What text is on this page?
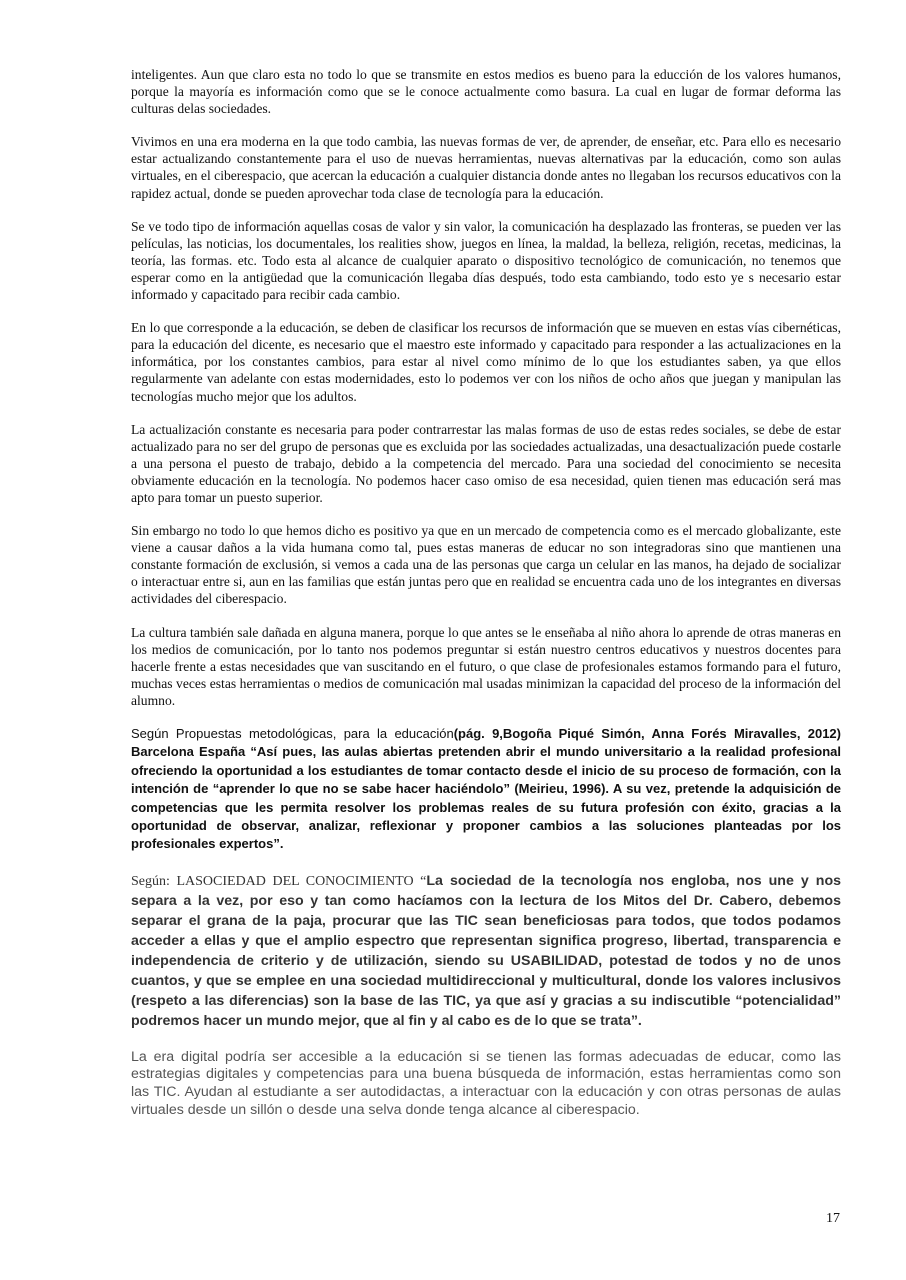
inteligentes. Aun que claro esta no todo lo que se transmite en estos medios es bueno para la educción de los valores humanos, porque la mayoría es información como que se le conoce actualmente como basura. La cual en lugar de formar deforma las culturas delas sociedades.

Vivimos en una era moderna en la que todo cambia, las nuevas formas de ver, de aprender, de enseñar, etc. Para ello es necesario estar actualizando constantemente para el uso de nuevas herramientas, nuevas alternativas par la educación, como son aulas virtuales, en el ciberespacio, que acercan la educación a cualquier distancia donde antes no llegaban los recursos educativos con la rapidez actual, donde se pueden aprovechar toda clase de tecnología para la educación.

Se ve todo tipo de información aquellas cosas de valor y sin valor, la comunicación ha desplazado las fronteras, se pueden ver las películas, las noticias, los documentales, los realities show, juegos en línea, la maldad, la belleza, religión, recetas, medicinas, la teoría, las formas. etc. Todo esta al alcance de cualquier aparato o dispositivo tecnológico de comunicación, no tenemos que esperar como en la antigüedad que la comunicación llegaba días después, todo esta cambiando, todo esto ye s necesario estar informado y capacitado para recibir cada cambio.

En lo que corresponde a la educación, se deben de clasificar los recursos de información que se mueven en estas vías cibernéticas, para la educación del dicente, es necesario que el maestro este informado y capacitado para responder a las actualizaciones en la informática, por los constantes cambios, para estar al nivel como mínimo de lo que los estudiantes saben, ya que ellos regularmente van adelante con estas modernidades, esto lo podemos ver con los niños de ocho años que juegan y manipulan las tecnologías mucho mejor que los adultos.

La actualización constante es necesaria para poder contrarrestar las malas formas de uso de estas redes sociales, se debe de estar actualizado para no ser del grupo de personas que es excluida por las sociedades actualizadas, una desactualización puede costarle a una persona el puesto de trabajo, debido a la competencia del mercado. Para una sociedad del conocimiento se necesita obviamente educación en la tecnología. No podemos hacer caso omiso de esa necesidad, quien tienen mas educación será mas apto para tomar un puesto superior.

Sin embargo no todo lo que hemos dicho es positivo ya que en un mercado de competencia como es el mercado globalizante, este viene a causar daños a la vida humana como tal, pues estas maneras de educar no son integradoras sino que mantienen una constante formación de exclusión, si vemos a cada una de las personas que carga un celular en las manos, ha dejado de socializar o interactuar entre si, aun en las familias que están juntas pero que en realidad se encuentra cada uno de los integrantes en diversas actividades del ciberespacio.

La cultura también sale dañada en alguna manera, porque lo que antes se le enseñaba al niño ahora lo aprende de otras maneras en los medios de comunicación, por lo tanto nos podemos preguntar si están nuestro centros educativos y nuestros docentes para hacerle frente a estas necesidades que van suscitando en el futuro, o que clase de profesionales estamos formando para el futuro, muchas veces estas herramientas o medios de comunicación mal usadas minimizan la capacidad del proceso de la información del alumno.

Según Propuestas metodológicas, para la educación(pág. 9,Bogoña Piqué Simón, Anna Forés Miravalles, 2012) Barcelona España “Así pues, las aulas abiertas pretenden abrir el mundo universitario a la realidad profesional ofreciendo la oportunidad a los estudiantes de tomar contacto desde el inicio de su proceso de formación, con la intención de “aprender lo que no se sabe hacer haciéndolo” (Meirieu, 1996). A su vez, pretende la adquisición de competencias que les permita resolver los problemas reales de su futura profesión con éxito, gracias a la oportunidad de observar, analizar, reflexionar y proponer cambios a las soluciones planteadas por los profesionales expertos”.

Según: LASOCIEDAD DEL CONOCIMIENTO “La sociedad de la tecnología nos engloba, nos une y nos separa a la vez, por eso y tan como hacíamos con la lectura de los Mitos del Dr. Cabero, debemos separar el grana de la paja, procurar que las TIC sean beneficiosas para todos, que todos podamos acceder a ellas y que el amplio espectro que representan significa progreso, libertad, transparencia e independencia de criterio y de utilización, siendo su USABILIDAD, potestad de todos y no de unos cuantos, y que se emplee en una sociedad multidireccional y multicultural, donde los valores inclusivos (respeto a las diferencias) son la base de las TIC, ya que así y gracias a su indiscutible “potencialidad” podremos hacer un mundo mejor, que al fin y al cabo es de lo que se trata”.

La era digital podría ser accesible a la educación si se tienen las formas adecuadas de educar, como las estrategias digitales y competencias para una buena búsqueda de información, estas herramientas como son las TIC. Ayudan al estudiante a ser autodidactas, a interactuar con la educación y con otras personas de aulas virtuales desde un sillón o desde una selva donde tenga alcance al ciberespacio.

17
